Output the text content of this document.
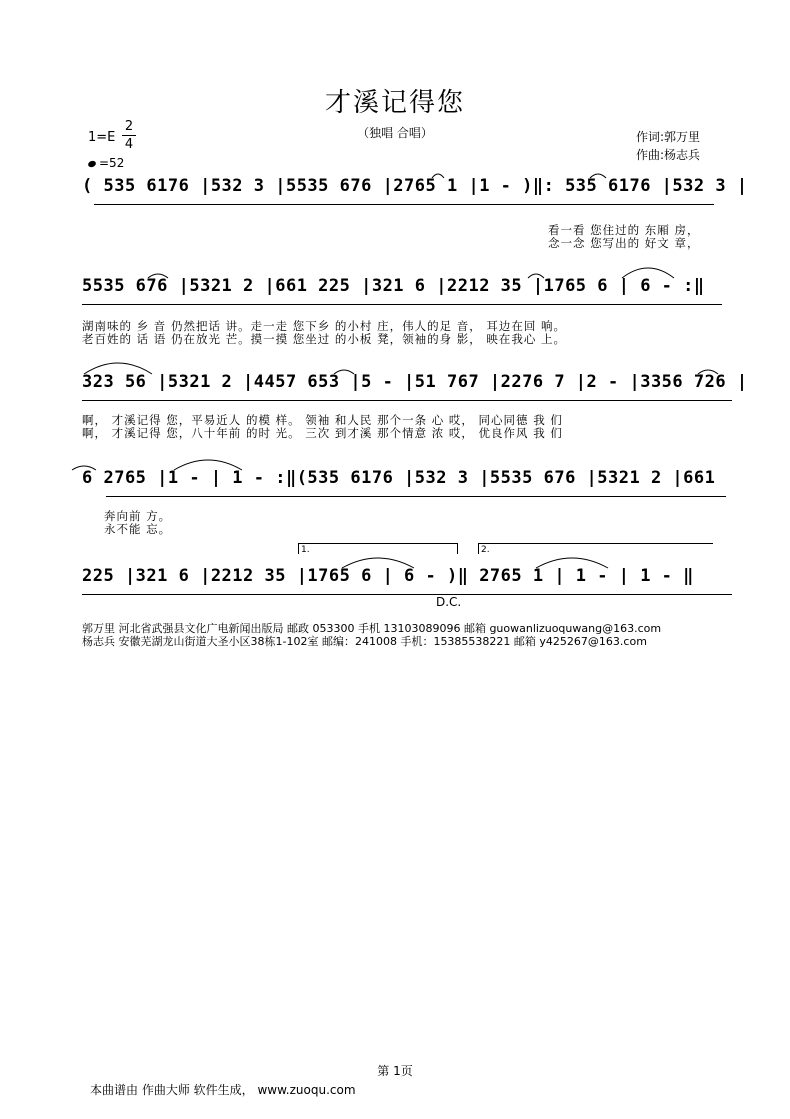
才溪记得您
（独唱 合唱）
$1=E \frac{2}{4}$
=52
作词:郭万里
作曲:杨志兵
( 535 6176 |532 3 |5535 676 |2765 1 |1 - )‖: 535 6176 |532 3 |
看一看 您住过的 东厢 房，
念一念 您写出的 好文 章，
5535 676 |5321 2 |661 225 |321 6 |2212 35 |1765 6 | 6 - :‖
湖南味的 乡 音 仍然把话 讲。走一走 您下乡 的小村 庄，伟人的足 音， 耳边在回 响。
老百姓的 话 语 仍在放光 芒。摸一摸 您坐过 的小板 凳，领袖的身 影， 映在我心 上。
323 56 |5321 2 |4457 653 |5 - |51 767 |2276 7 |2 - |3356 726 |
啊， 才溪记得 您，平易近人 的模 样。 领袖 和人民 那个一条 心 哎， 同心同德 我 们
啊， 才溪记得 您，八十年前 的时 光。 三次 到才溪 那个情意 浓 哎， 优良作风 我 们
6 2765 |1 - | 1 - :‖(535 6176 |532 3 |5535 676 |5321 2 |661
奔向前 方。
永不能 忘。
1.	2.
225 |321 6 |2212 35 |1765 6 | 6 - )‖ 2765 1 | 1 - | 1 - ‖
D.C.
郭万里 河北省武强县文化广电新闻出版局 邮政 053300 手机 13103089096 邮箱 guowanlizuoquwang@163.com
杨志兵 安徽芜湖龙山街道大圣小区38栋1-102室 邮编：241008 手机：15385538221 邮箱 y425267@163.com
第 1页
本曲谱由 作曲大师 软件生成， www.zuoqu.com
